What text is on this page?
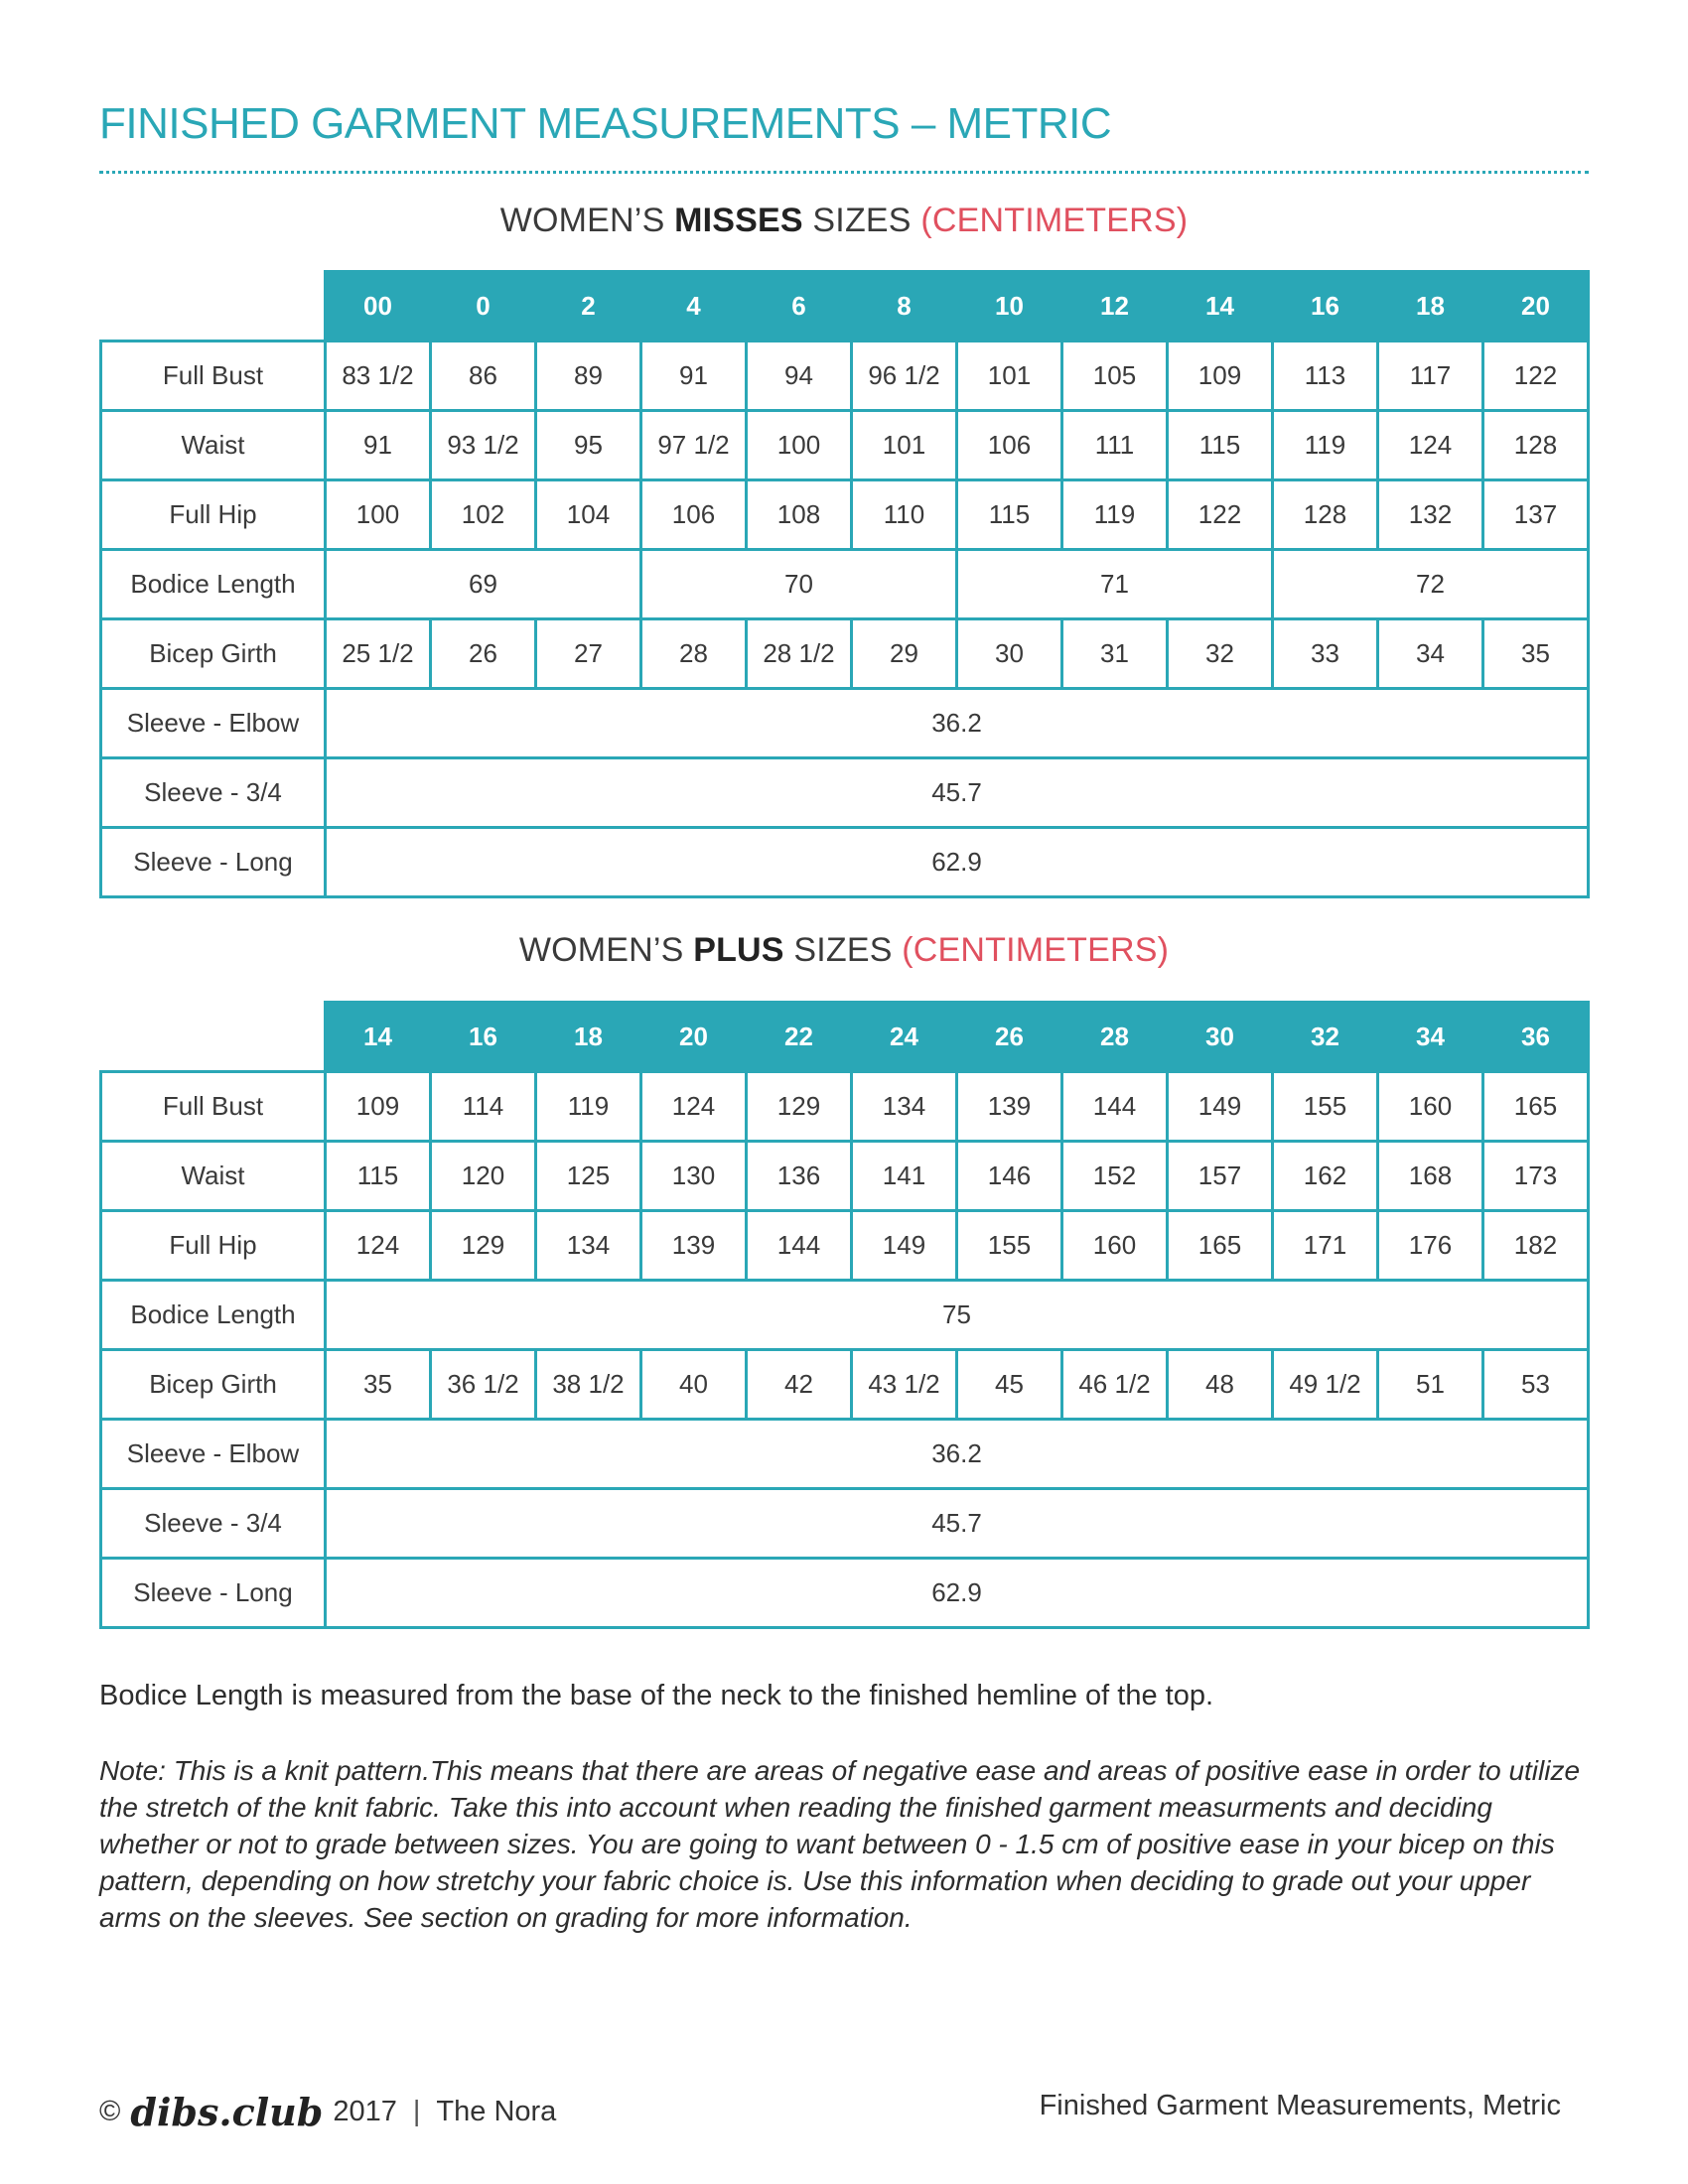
FINISHED GARMENT MEASUREMENTS – METRIC
WOMEN’S MISSES SIZES (CENTIMETERS)
	00	0	2	4	6	8	10	12	14	16	18	20
Full Bust	83 1/2	86	89	91	94	96 1/2	101	105	109	113	117	122
Waist	91	93 1/2	95	97 1/2	100	101	106	111	115	119	124	128
Full Hip	100	102	104	106	108	110	115	119	122	128	132	137
Bodice Length	69			70			71			72		
Bicep Girth	25 1/2	26	27	28	28 1/2	29	30	31	32	33	34	35
Sleeve - Elbow	36.2											
Sleeve - 3/4	45.7											
Sleeve - Long	62.9											
WOMEN’S PLUS SIZES (CENTIMETERS)
	14	16	18	20	22	24	26	28	30	32	34	36
Full Bust	109	114	119	124	129	134	139	144	149	155	160	165
Waist	115	120	125	130	136	141	146	152	157	162	168	173
Full Hip	124	129	134	139	144	149	155	160	165	171	176	182
Bodice Length	75											
Bicep Girth	35	36 1/2	38 1/2	40	42	43 1/2	45	46 1/2	48	49 1/2	51	53
Sleeve - Elbow	36.2											
Sleeve - 3/4	45.7											
Sleeve - Long	62.9											
Bodice Length is measured from the base of the neck to the finished hemline of the top.
Note: This is a knit pattern.This means that there are areas of negative ease and areas of positive ease in order to utilize the stretch of the knit fabric. Take this into account when reading the finished garment measurments and deciding whether or not to grade between sizes. You are going to want between 0 - 1.5 cm of positive ease in your bicep on this pattern, depending on how stretchy your fabric choice is. Use this information when deciding to grade out your upper arms on the sleeves. See section on grading for more information.
© dibs.club 2017 | The Nora	Finished Garment Measurements, Metric
